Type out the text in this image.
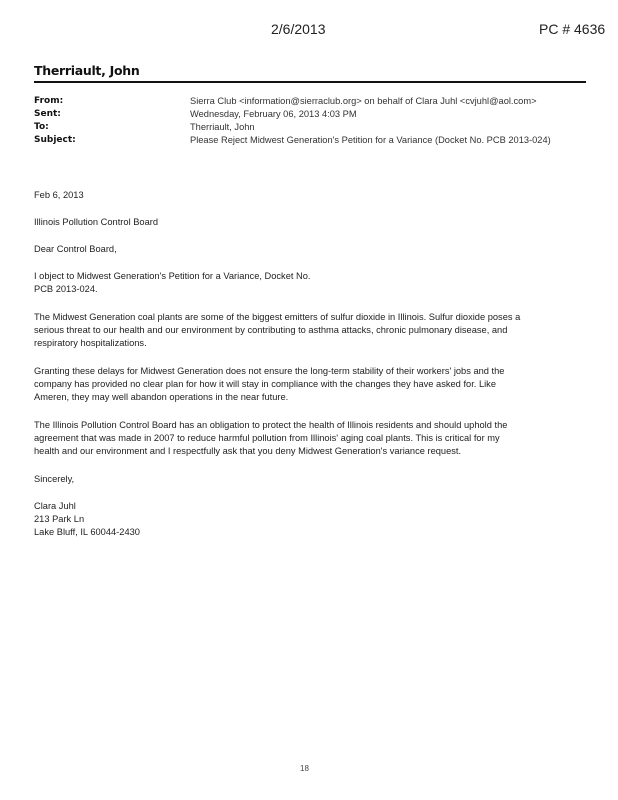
2/6/2013	PC # 4636
Therriault, John
From:	Sierra Club <information@sierraclub.org> on behalf of Clara Juhl <cvjuhl@aol.com>
Sent:	Wednesday, February 06, 2013 4:03 PM
To:	Therriault, John
Subject:	Please Reject Midwest Generation's Petition for a Variance (Docket No. PCB 2013-024)
Feb 6, 2013
Illinois Pollution Control Board
Dear Control Board,
I object to Midwest Generation's Petition for a Variance, Docket No.
PCB 2013-024.
The Midwest Generation coal plants are some of the biggest emitters of sulfur dioxide in Illinois. Sulfur dioxide poses a
serious threat to our health and our environment by contributing to asthma attacks, chronic pulmonary disease, and
respiratory hospitalizations.
Granting these delays for Midwest Generation does not ensure the long-term stability of their workers' jobs and the
company has provided no clear plan for how it will stay in compliance with the changes they have asked for. Like
Ameren, they may well abandon operations in the near future.
The Illinois Pollution Control Board has an obligation to protect the health of Illinois residents and should uphold the
agreement that was made in 2007 to reduce harmful pollution from Illinois' aging coal plants. This is critical for my
health and our environment and I respectfully ask that you deny Midwest Generation's variance request.
Sincerely,
Clara Juhl
213 Park Ln
Lake Bluff, IL 60044-2430
18
